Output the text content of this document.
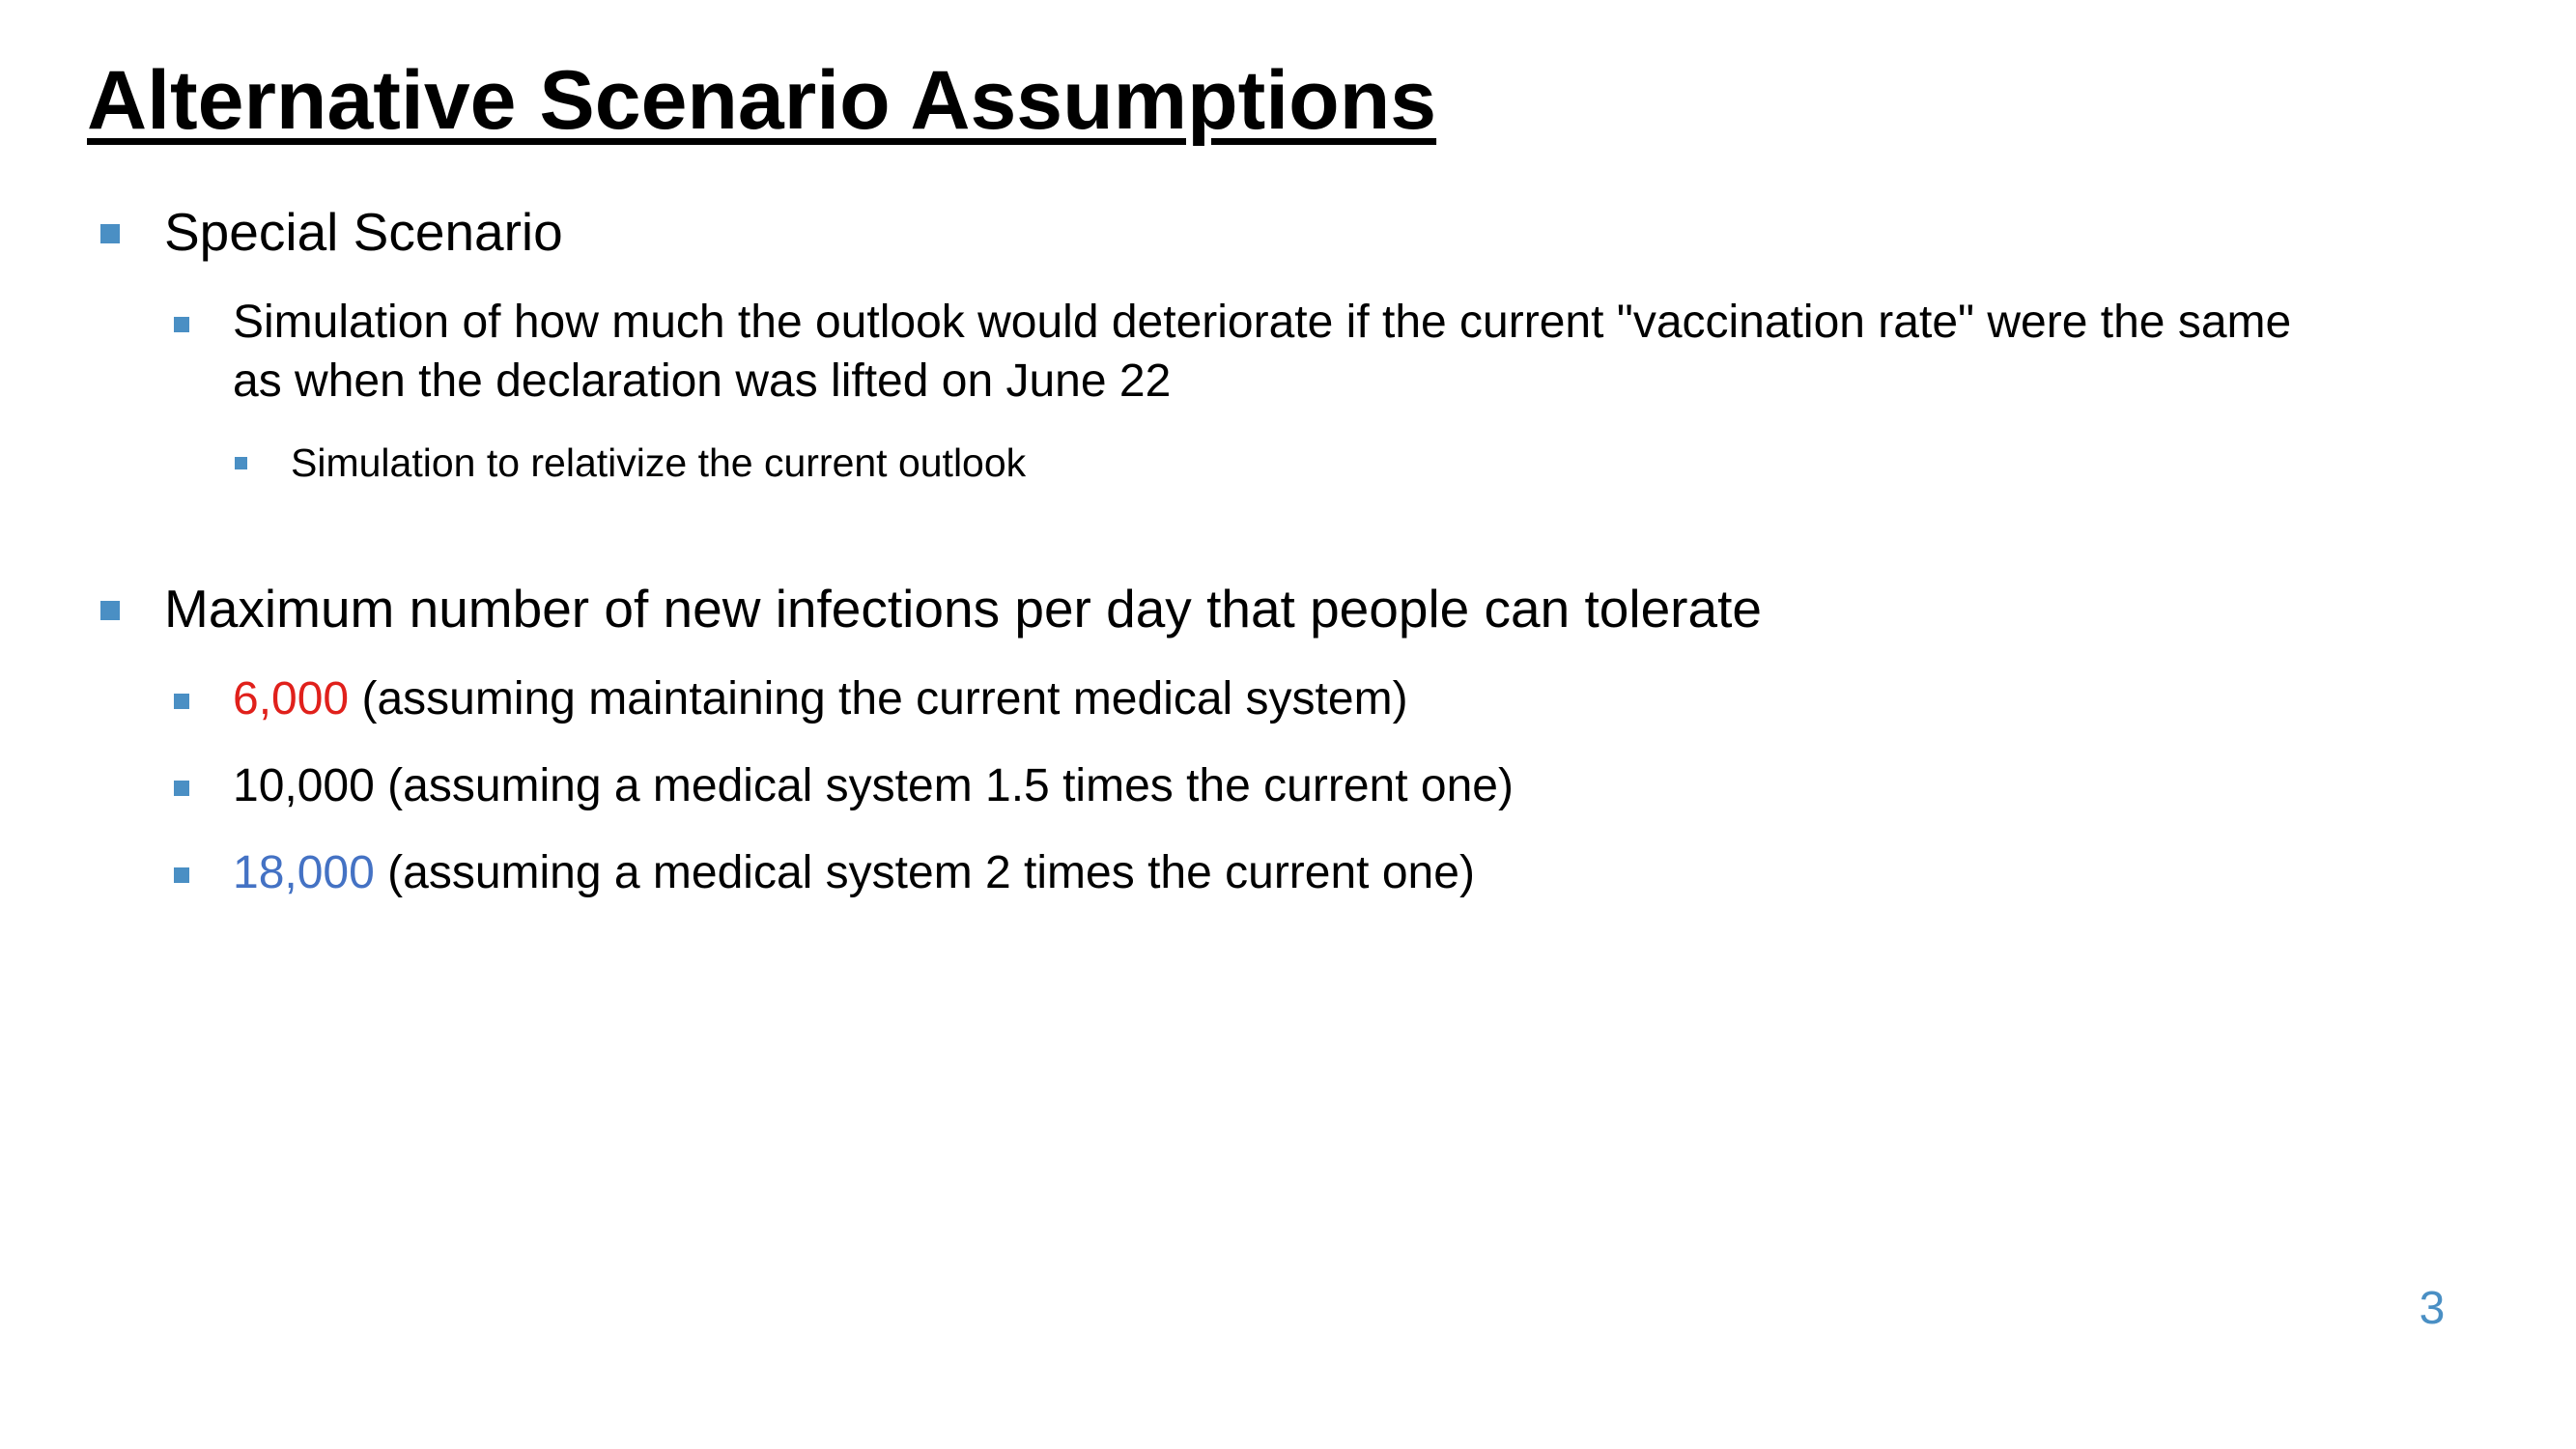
Alternative Scenario Assumptions
Special Scenario
Simulation of how much the outlook would deteriorate if the current "vaccination rate" were the same
as when the declaration was lifted on June 22
Simulation to relativize the current outlook
Maximum number of new infections per day that people can tolerate
6,000 (assuming maintaining the current medical system)
10,000 (assuming a medical system 1.5 times the current one)
18,000 (assuming a medical system 2 times the current one)
3
